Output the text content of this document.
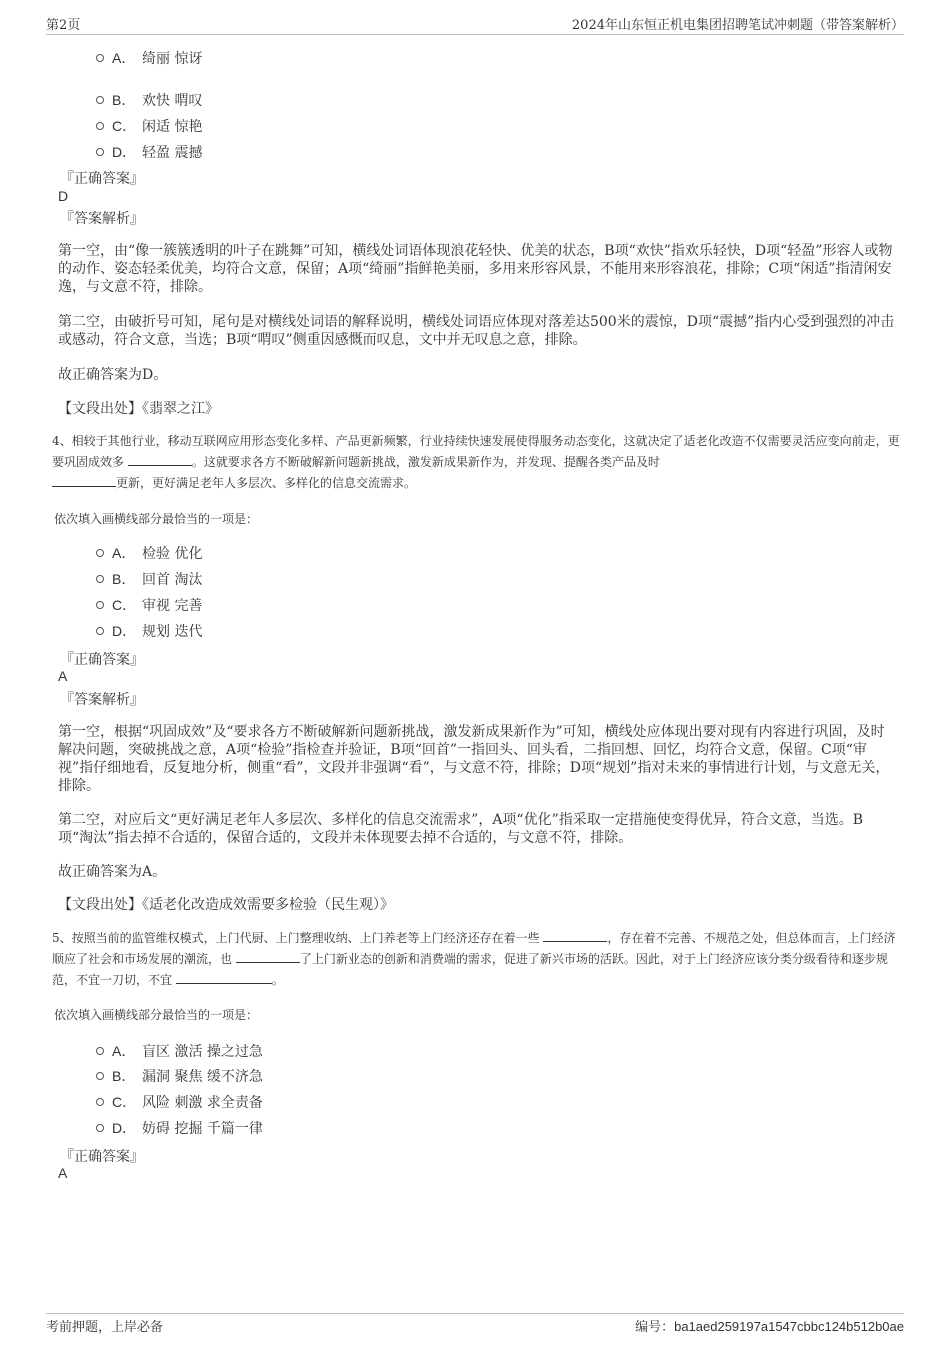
第2页	2024年山东恒正机电集团招聘笔试冲刺题（带答案解析）
A． 绮丽 惊讶
B． 欢快 喟叹
C． 闲适 惊艳
D． 轻盈 震撼
『正确答案』
D
『答案解析』
第一空，由“像一簇簇透明的叶子在跳舞”可知，横线处词语体现浪花轻快、优美的状态，B项“欢快”指欢乐轻快，D项“轻盈”形容人或物的动作、姿态轻柔优美，均符合文意，保留；A项“绮丽”指鲜艳美丽，多用来形容风景，不能用来形容浪花，排除；C项“闲适”指清闲安逸，与文意不符，排除。
第二空，由破折号可知，尾句是对横线处词语的解释说明，横线处词语应体现对落差达500米的震惊，D项“震撼”指内心受到强烈的冲击或感动，符合文意，当选；B项“喟叹”侧重因感慨而叹息，文中并无叹息之意，排除。
故正确答案为D。
【文段出处】《翡翠之江》
4、相较于其他行业，移动互联网应用形态变化多样、产品更新频繁，行业持续快速发展使得服务动态变化，这就决定了适老化改造不仅需要灵活应变向前走，更要巩固成效多	。这就要求各方不断破解新问题新挑战，激发新成果新作为，并发现、提醒各类产品及时
更新，更好满足老年人多层次、多样化的信息交流需求。
依次填入画横线部分最恰当的一项是：
A． 检验 优化
B． 回首 淘汰
C． 审视 完善
D． 规划 迭代
『正确答案』
A
『答案解析』
第一空，根据“巩固成效”及“要求各方不断破解新问题新挑战，激发新成果新作为”可知，横线处应体现出要对现有内容进行巩固，及时解决问题，突破挑战之意，A项“检验”指检查并验证，B项“回首”一指回头、回头看，二指回想、回忆，均符合文意，保留。C项“审视”指仔细地看，反复地分析，侧重“看”，文段并非强调“看”，与文意不符，排除；D项“规划”指对未来的事情进行计划，与文意无关，排除。
第二空，对应后文“更好满足老年人多层次、多样化的信息交流需求”，A项“优化”指采取一定措施使变得优异，符合文意，当选。B项“淘汰”指去掉不合适的，保留合适的，文段并未体现要去掉不合适的，与文意不符，排除。
故正确答案为A。
【文段出处】《适老化改造成效需要多检验（民生观）》
5、按照当前的监管维权模式，上门代厨、上门整理收纳、上门养老等上门经济还存在着一些	，存在着不完善、不规范之处，但总体而言，上门经济顺应了社会和市场发展的潮流，也	了上门新业态的创新和消费端的需求，促进了新兴市场的活跃。因此，对于上门经济应该分类分级看待和逐步规范，不宜一刀切，不宜	。
依次填入画横线部分最恰当的一项是：
A． 盲区 激活 操之过急
B． 漏洞 聚焦 缓不济急
C． 风险 刺激 求全责备
D． 妨碍 挖掘 千篇一律
『正确答案』
A
考前押题，上岸必备	编号：ba1aed259197a1547cbbc124b512b0ae
